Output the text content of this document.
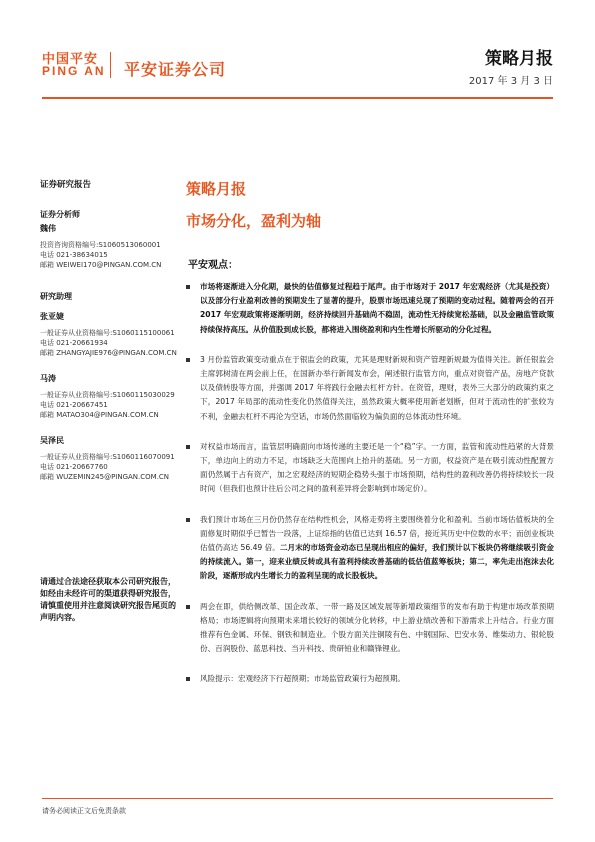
中国平安
PING AN 平安证券公司
策略月报
2017 年 3 月 3 日
证券研究报告
证券分析师
魏伟
投资咨询资格编号:S1060513060001
电话 021-38634015
邮箱 WEIWEI170@PINGAN.COM.CN
研究助理
张亚婕
一般证券从业资格编号:S1060115100061
电话 021-20661934
邮箱 ZHANGYAJIE976@PINGAN.COM.CN
马涛
一般证券从业资格编号:S1060115030029
电话 021-20667451
邮箱 MATAO304@PINGAN.COM.CN
吴泽民
一般证券从业资格编号:S1060116070091
电话 021-20667760
邮箱 WUZEMIN245@PINGAN.COM.CN
请通过合法途径获取本公司研究报告，如经由未经许可的渠道获得研究报告，请慎重使用并注意阅读研究报告尾页的声明内容。
策略月报
市场分化，盈利为轴
平安观点：
市场将逐渐进入分化期，最快的估值修复过程趋于尾声。由于市场对于 2017 年宏观经济（尤其是投资）以及部分行业盈利改善的预期发生了显著的提升，股票市场迅速兑现了预期的变动过程。随着两会的召开 2017 年宏观政策将逐渐明朗，经济持续回升基础尚不稳固，流动性无持续宽松基础，以及金融监管政策持续保持高压。从价值股到成长股，都将进入围绕盈利和内生性增长所驱动的分化过程。
3 月份监管政策变动重点在于银监会的政策，尤其是理财新规和资产管理新规最为值得关注。新任银监会主席郭树清在两会前上任，在国新办举行新闻发布会，阐述银行监管方向，重点对资管产品，房地产贷款以及债转股等方面，并强调 2017 年将践行金融去杠杆方针。在资管，理财，表外三大部分的政策约束之下，2017 年局部的流动性变化仍然值得关注，虽然政策大概率使用新老划断，但对于流动性的扩张较为不利，金融去杠杆不再沦为空话，市场仍然面临较为偏负面的总体流动性环境。
对权益市场而言，监管层明确面向市场传递的主要还是一个“稳”字。一方面，监管和流动性趋紧的大背景下，单边向上的动力不足，市场缺乏大范围向上抬升的基础。另一方面，权益资产是在吸引流动性配置方面仍然属于占有资产，加之宏观经济的短期企稳势头强于市场预期，结构性的盈利改善仍将持续较长一段时间（但我们也预计往后公司之间的盈利差异将会影响到市场定价）。
我们预计市场在三月份仍然存在结构性机会，风格走势将主要围绕着分化和盈利。当前市场估值板块的全面修复时期似乎已暂告一段落，上证综指的估值已达到 16.57 倍，接近其历史中位数的水平；而创业板块估值仍高达 56.49 倍。二月末的市场资金动态已呈现出相应的偏好，我们预计以下板块仍将继续吸引资金的持续流入。第一，迎来业绩反转或具有盈利持续改善基础的低估值蓝筹板块；第二，率先走出泡沫去化阶段，逐渐形成内生增长力的盈利呈现的成长股板块。
两会在即，供给侧改革、国企改革、一带一路及区域发展等新增政策细节的发布有助于构建市场改革预期格局；市场逻辑将向预期未来增长较好的领域分化转移，中上游业绩改善和下游需求上升结合。行业方面推荐有色金属、环保、钢铁和制造业。个股方面关注铜陵有色、中钢国际、巴安水务、维柴动力、银轮股份、百润股份、蓝思科技、当升科技、贵研铂业和赣锋锂业。
风险提示：宏观经济下行超预期；市场监管政策行为超预期。
请务必阅读正文后免责条款
